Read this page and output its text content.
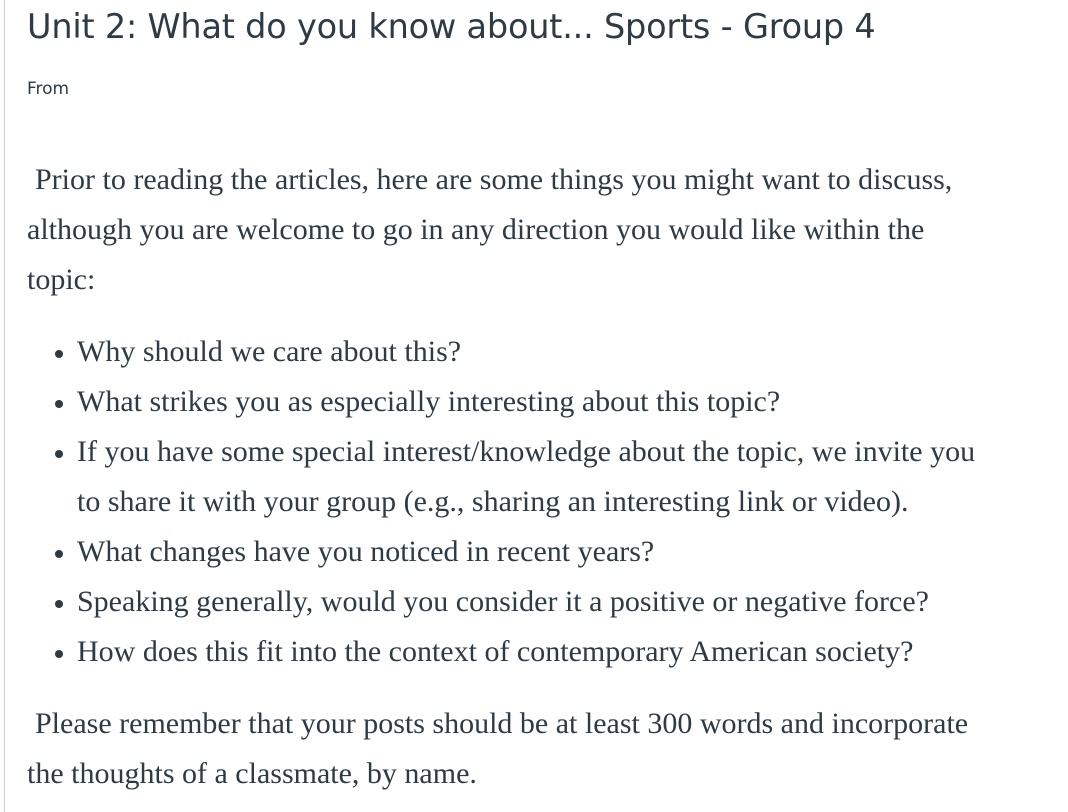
Unit 2: What do you know about... Sports - Group 4
From

Prior to reading the articles, here are some things you might want to discuss,
although you are welcome to go in any direction you would like within the
topic:

• Why should we care about this?
• What strikes you as especially interesting about this topic?
• If you have some special interest/knowledge about the topic, we invite you
to share it with your group (e.g., sharing an interesting link or video).
• What changes have you noticed in recent years?
• Speaking generally, would you consider it a positive or negative force?
• How does this fit into the context of contemporary American society?

Please remember that your posts should be at least 300 words and incorporate
the thoughts of a classmate, by name.
